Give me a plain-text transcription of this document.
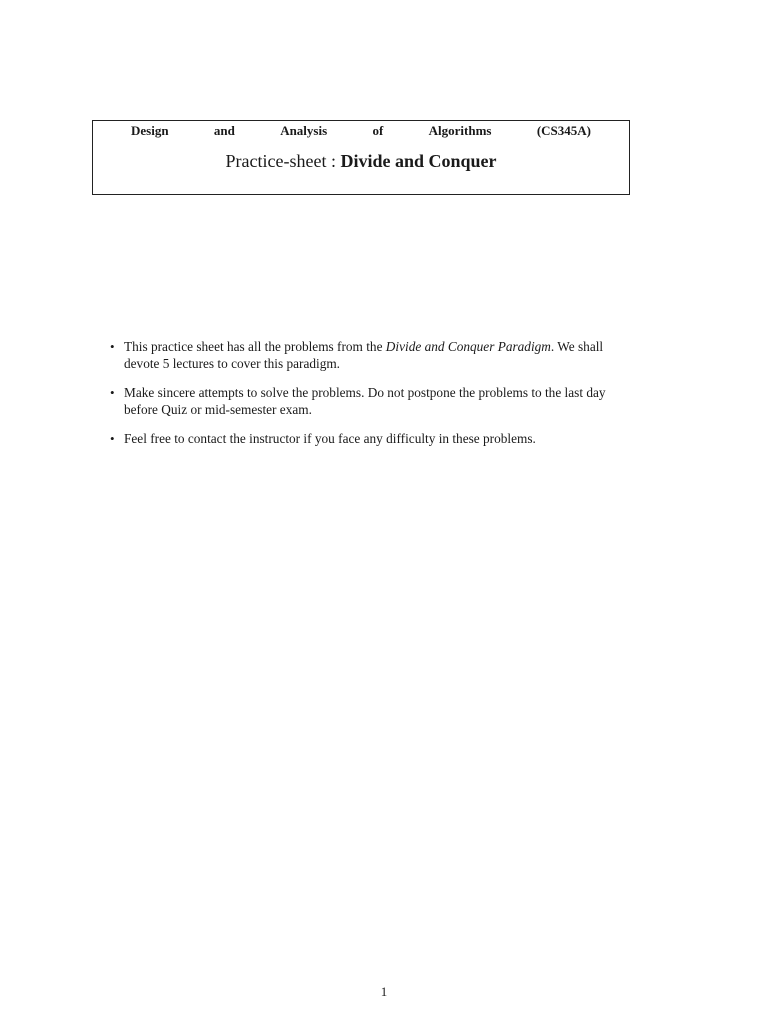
Design	and	Analysis	of	Algorithms	(CS345A)
Practice-sheet : Divide and Conquer
• This practice sheet has all the problems from the Divide and Conquer Paradigm. We shall devote 5 lectures to cover this paradigm.
• Make sincere attempts to solve the problems. Do not postpone the problems to the last day before Quiz or mid-semester exam.
• Feel free to contact the instructor if you face any difficulty in these problems.
1
